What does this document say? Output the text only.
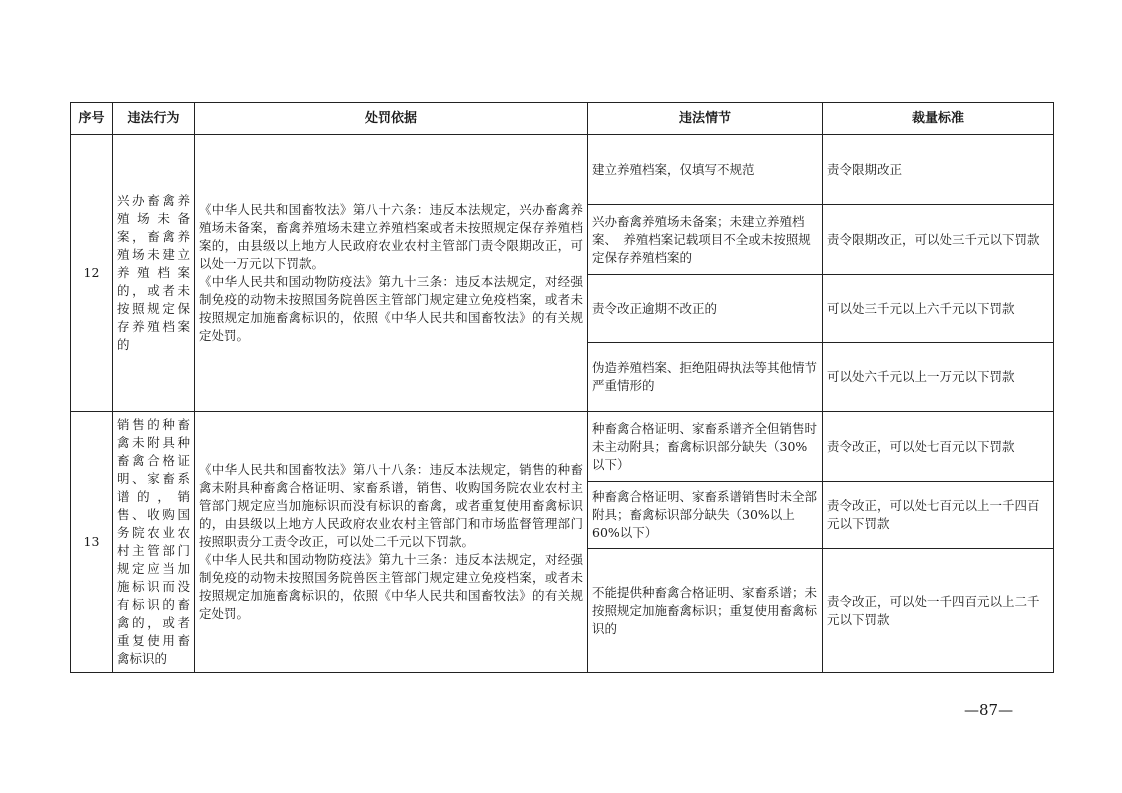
序号	违法行为	处罚依据	违法情节	裁量标准
12	兴办畜禽养殖场未备案，畜禽养殖场未建立养殖档案的，或者未按照规定保存养殖档案的	《中华人民共和国畜牧法》第八十六条：违反本法规定，兴办畜禽养殖场未备案，畜禽养殖场未建立养殖档案或者未按照规定保存养殖档案的，由县级以上地方人民政府农业农村主管部门责令限期改正，可以处一万元以下罚款。

《中华人民共和国动物防疫法》第九十三条：违反本法规定，对经强制免疫的动物未按照国务院兽医主管部门规定建立免疫档案，或者未按照规定加施畜禽标识的，依照《中华人民共和国畜牧法》的有关规定处罚。	建立养殖档案，仅填写不规范	责令限期改正
			兴办畜禽养殖场未备案；未建立养殖档案、　养殖档案记载项目不全或未按照规定保存养殖档案的	责令限期改正，可以处三千元以下罚款
			责令改正逾期不改正的	可以处三千元以上六千元以下罚款
			伪造养殖档案、拒绝阻碍执法等其他情节严重情形的	可以处六千元以上一万元以下罚款
13	销售的种畜禽未附具种畜禽合格证明、家畜系谱的，销售、收购国务院农业农村主管部门规定应当加施标识而没有标识的畜禽的，或者重复使用畜禽标识的	《中华人民共和国畜牧法》第八十八条：违反本法规定，销售的种畜禽未附具种畜禽合格证明、家畜系谱，销售、收购国务院农业农村主管部门规定应当加施标识而没有标识的畜禽，或者重复使用畜禽标识的，由县级以上地方人民政府农业农村主管部门和市场监督管理部门按照职责分工责令改正，可以处二千元以下罚款。

《中华人民共和国动物防疫法》第九十三条：违反本法规定，对经强制免疫的动物未按照国务院兽医主管部门规定建立免疫档案，或者未按照规定加施畜禽标识的，依照《中华人民共和国畜牧法》的有关规定处罚。	种畜禽合格证明、家畜系谱齐全但销售时未主动附具；畜禽标识部分缺失（30%以下）	责令改正，可以处七百元以下罚款
			种畜禽合格证明、家畜系谱销售时未全部附具；畜禽标识部分缺失（30%以上 60%以下）	责令改正，可以处七百元以上一千四百元以下罚款
			不能提供种畜禽合格证明、家畜系谱；未按照规定加施畜禽标识；重复使用畜禽标识的	责令改正，可以处一千四百元以上二千元以下罚款
—87—
